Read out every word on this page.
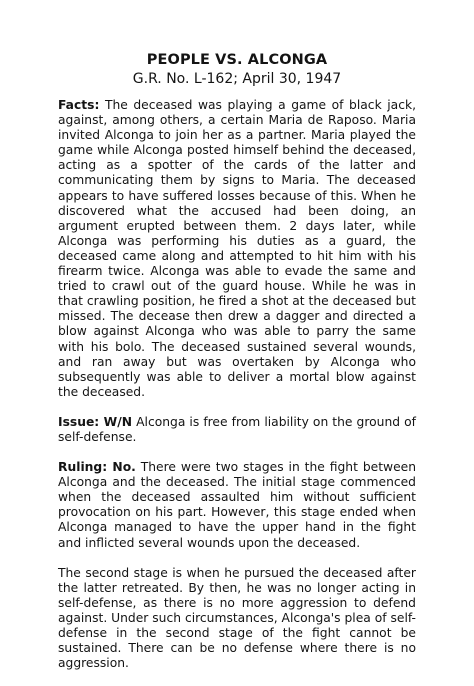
PEOPLE VS. ALCONGA
G.R. No. L-162; April 30, 1947

Facts: The deceased was playing a game of black jack, against, among others, a certain Maria de Raposo. Maria invited Alconga to join her as a partner. Maria played the game while Alconga posted himself behind the deceased, acting as a spotter of the cards of the latter and communicating them by signs to Maria. The deceased appears to have suffered losses because of this. When he discovered what the accused had been doing, an argument erupted between them. 2 days later, while Alconga was performing his duties as a guard, the deceased came along and attempted to hit him with his firearm twice. Alconga was able to evade the same and tried to crawl out of the guard house. While he was in that crawling position, he fired a shot at the deceased but missed. The decease then drew a dagger and directed a blow against Alconga who was able to parry the same with his bolo. The deceased sustained several wounds, and ran away but was overtaken by Alconga who subsequently was able to deliver a mortal blow against the deceased.

Issue: W/N Alconga is free from liability on the ground of self-defense.

Ruling: No. There were two stages in the fight between Alconga and the deceased. The initial stage commenced when the deceased assaulted him without sufficient provocation on his part. However, this stage ended when Alconga managed to have the upper hand in the fight and inflicted several wounds upon the deceased.

The second stage is when he pursued the deceased after the latter retreated. By then, he was no longer acting in self-defense, as there is no more aggression to defend against. Under such circumstances, Alconga's plea of self-defense in the second stage of the fight cannot be sustained. There can be no defense where there is no aggression.
